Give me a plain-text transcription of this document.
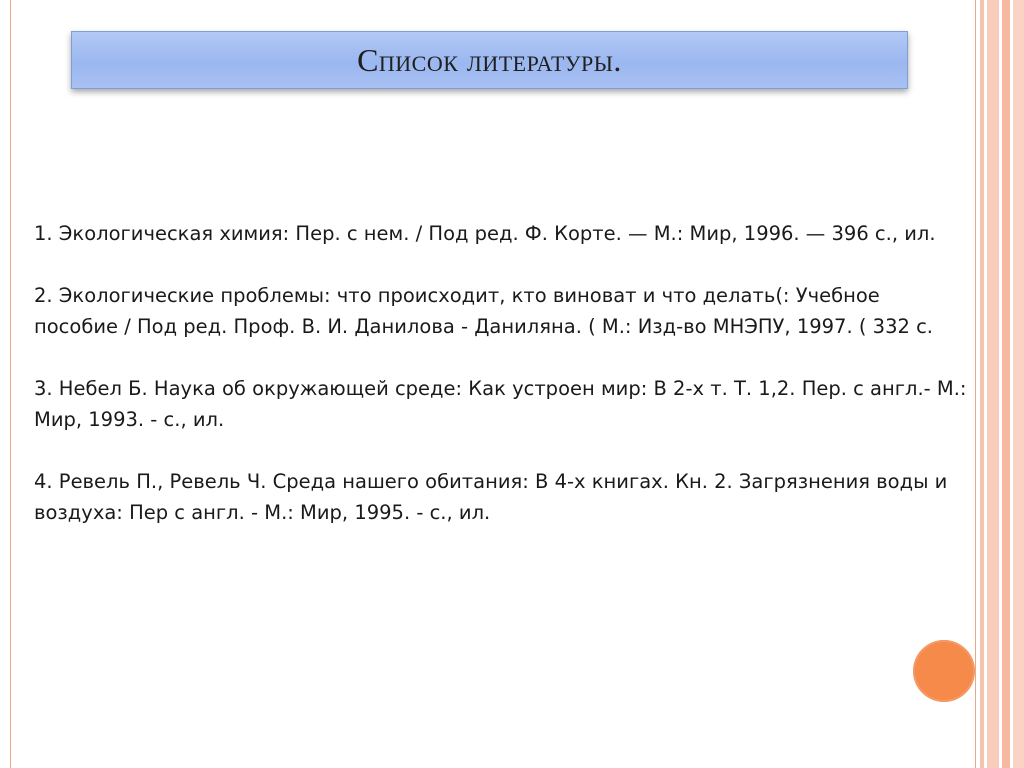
Список литературы.

1. Экологическая химия: Пер. с нем. / Под ред. Ф. Корте. — М.: Мир, 1996. — 396 с., ил.

2. Экологические проблемы: что происходит, кто виноват и что делать(: Учебное пособие / Под ред. Проф. В. И. Данилова - Даниляна. ( М.: Изд-во МНЭПУ, 1997. ( 332 с.

3. Небел Б. Наука об окружающей среде: Как устроен мир: В 2-х т. Т. 1,2. Пер. с англ.- М.: Мир, 1993. - с., ил.

4. Ревель П., Ревель Ч. Среда нашего обитания: В 4-х книгах. Кн. 2. Загрязнения воды и воздуха: Пер с англ. - М.: Мир, 1995. - с., ил.
